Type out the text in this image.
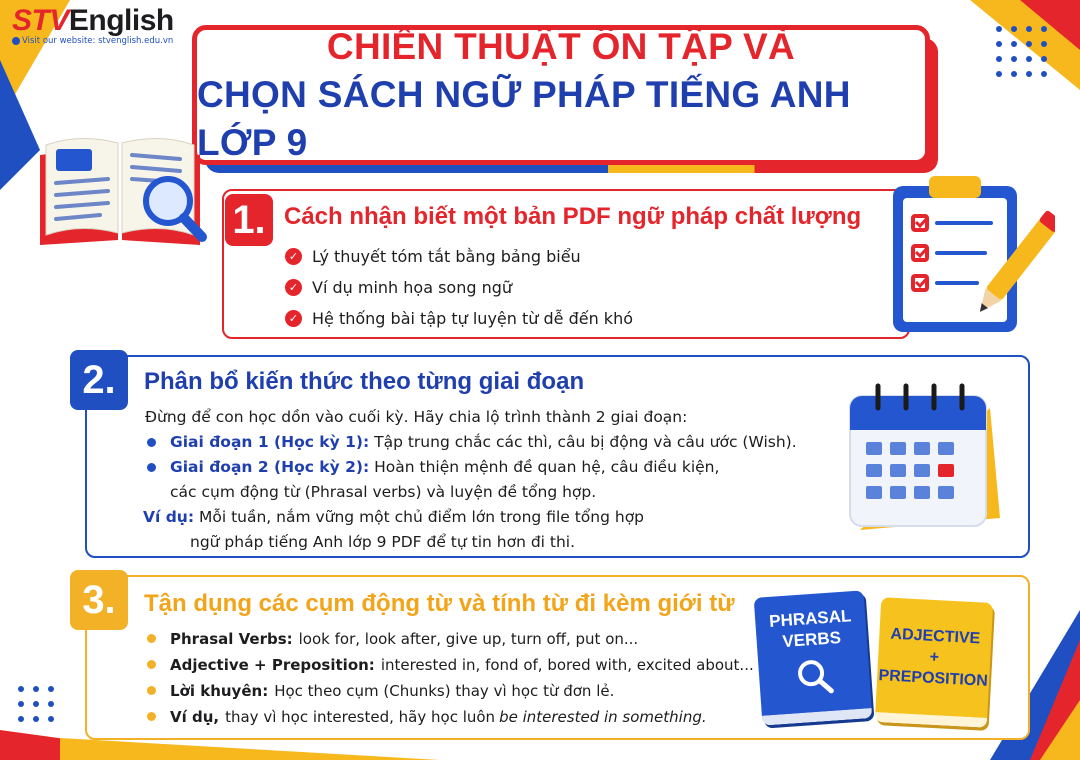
STVEnglish
Visit our website: stvenglish.edu.vn	CHIẾN THUẬT ÔN TẬP VÀ
CHỌN SÁCH NGỮ PHÁP TIẾNG ANH LỚP 9
1. Cách nhận biết một bản PDF ngữ pháp chất lượng
✓ Lý thuyết tóm tắt bằng bảng biểu
✓ Ví dụ minh họa song ngữ
✓ Hệ thống bài tập tự luyện từ dễ đến khó
2.	Phân bổ kiến thức theo từng giai đoạn
Đừng để con học dồn vào cuối kỳ. Hãy chia lộ trình thành 2 giai đoạn:
Giai đoạn 1 (Học kỳ 1): Tập trung chắc các thì, câu bị động và câu ước (Wish).
Giai đoạn 2 (Học kỳ 2): Hoàn thiện mệnh đề quan hệ, câu điều kiện,
các cụm động từ (Phrasal verbs) và luyện đề tổng hợp.
Ví dụ: Mỗi tuần, nắm vững một chủ điểm lớn trong file tổng hợp
ngữ pháp tiếng Anh lớp 9 PDF để tự tin hơn đi thi.
3.	Tận dụng các cụm động từ và tính từ đi kèm giới từ
Phrasal Verbs: look for, look after, give up, turn off, put on...
Adjective + Preposition: interested in, fond of, bored with, excited about...
Lời khuyên: Học theo cụm (Chunks) thay vì học từ đơn lẻ.
Ví dụ, thay vì học interested, hãy học luôn be interested in something.
PHRASAL
VERBS	ADJECTIVE
+
PREPOSITION
